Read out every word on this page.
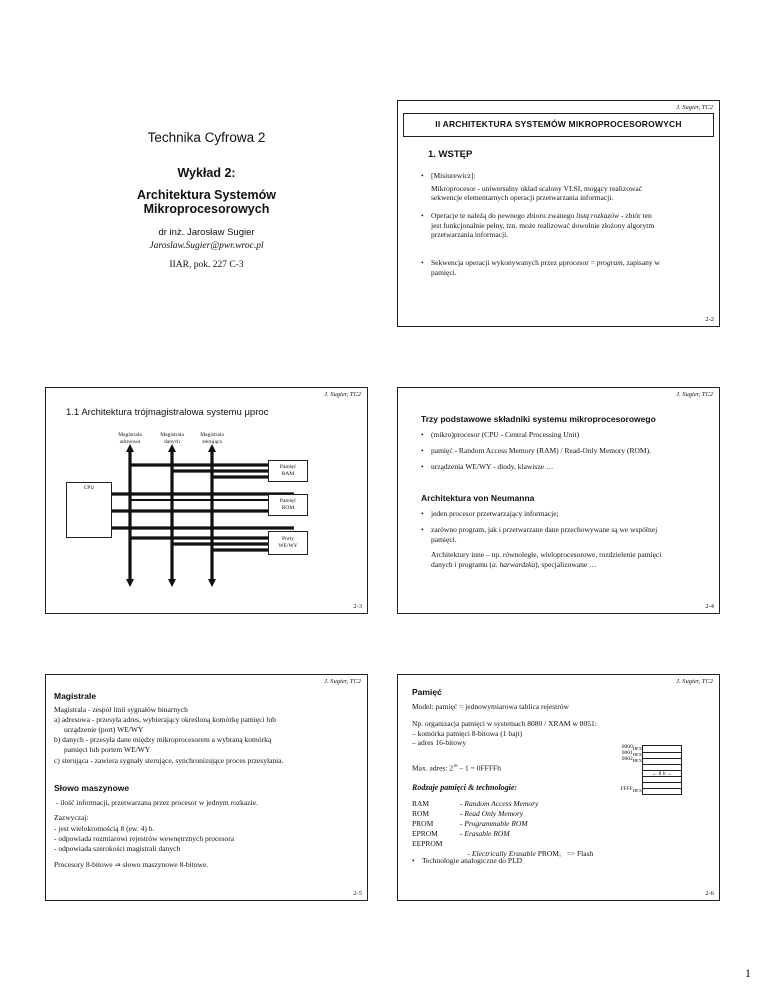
Technika Cyfrowa 2
Wykład 2:
Architektura Systemów
Mikroprocesorowych
dr inż. Jarosław Sugier
Jaroslaw.Sugier@pwr.wroc.pl
IIAR, pok. 227 C-3
J. Sugier, TC2
II ARCHITEKTURA SYSTEMÓW MIKROPROCESOROWYCH
1. WSTĘP
• [Misiurewicz]:
Mikroprocesor - uniwersalny układ scalony VLSI, mogący realizować
sekwencje elementarnych operacji przetwarzania informacji.
• Operacje te należą do pewnego zbioru zwanego listą rozkazów - zbiór ten
jest funkcjonalnie pełny, tzn. może realizować dowolnie złożony algorytm
przetwarzania informacji.
• Sekwencja operacji wykonywanych przez μprocesor = program, zapisany w
pamięci.
2-2
J. Sugier, TC2
1.1 Architektura trójmagistralowa systemu μproc
Magistrala
adresowa
Magistrala
danych
Magistrala
sterująca
CPU
Pamięć
RAM
Pamięć
ROM
Porty
WE/WY
2-3
J. Sugier, TC2
Trzy podstawowe składniki systemu mikroprocesorowego
• (mikro)procesor (CPU - Central Processing Unit)
• pamięć - Random Access Memory (RAM) / Read-Only Memory (ROM).
• urządzenia WE/WY - diody, klawisze …
Architektura von Neumanna
• jeden procesor przetwarzający informacje;
• zarówno program, jak i przetwarzane dane przechowywane są we wspólnej
pamięci.
Architektury inne – np. równoległe, wieloprocesorowe, rozdzielenie pamięci
danych i programu (a. harwardzka), specjalizowane …
2-4
J. Sugier, TC2
Magistrale
Magistrala - zespół linii sygnałów binarnych
a) adresowa - przesyła adres, wybierający określoną komórkę pamięci lub
urządzenie (port) WE/WY
b) danych - przesyła dane między mikroprocesorem a wybraną komórką
pamięci lub portem WE/WY
c) sterująca - zawiera sygnały sterujące, synchronizujące proces przesyłania.
Słowo maszynowe
- ilość informacji, przetwarzana przez procesor w jednym rozkazie.
Zazwyczaj:
- jest wielokrotnością 8 (ew. 4) b.
- odpowiada rozmiarowi rejestrów wewnętrznych procesora
- odpowiada szerokości magistrali danych
Procesory 8-bitowe ⇒ słowo maszynowe 8-bitowe.
2-5
J. Sugier, TC2
Pamięć
Model: pamięć = jednowymiarowa tablica rejestrów
Np. organizacja pamięci w systemach 8080 / XRAM w 8051:
– komórka pamięci 8-bitowa (1 bajt)
– adres 16-bitowy
Max. adres: $2^{16} - 1$ = 0FFFFh
← 8 b →
$0000_{HEX}$
$0001_{HEX}$
$0002_{HEX}$
$FFFF_{HEX}$
Rodzaje pamięci & technologie:
RAM	- Random Access Memory
ROM	- Read Only Memory
PROM	- Programmable ROM
EPROM	- Erasable ROM
EEPROM

- Electrically Erasable PROM;   => Flash

• Technologie analogiczne do PLD
2-6
1
